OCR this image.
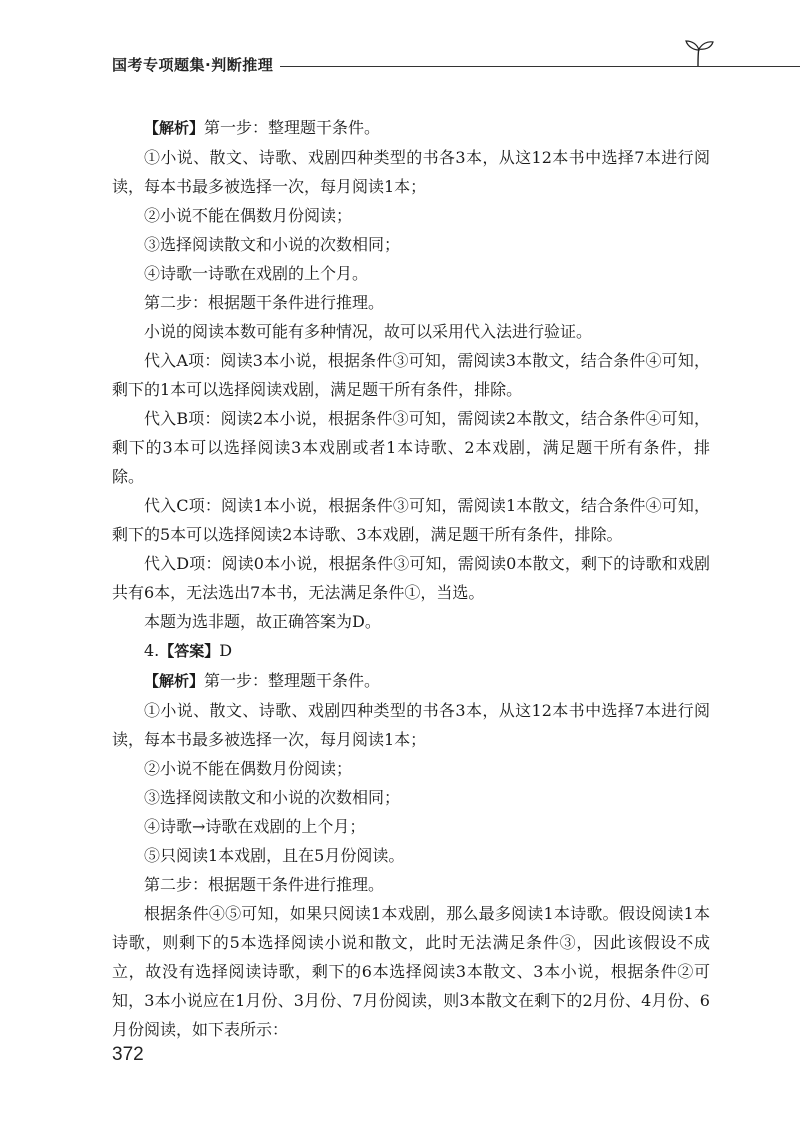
国考专项题集·判断推理

【解析】第一步：整理题干条件。

①小说、散文、诗歌、戏剧四种类型的书各3本，从这12本书中选择7本进行阅读，每本书最多被选择一次，每月阅读1本；

②小说不能在偶数月份阅读；

③选择阅读散文和小说的次数相同；

④诗歌一诗歌在戏剧的上个月。

第二步：根据题干条件进行推理。

小说的阅读本数可能有多种情况，故可以采用代入法进行验证。

代入A项：阅读3本小说，根据条件③可知，需阅读3本散文，结合条件④可知，剩下的1本可以选择阅读戏剧，满足题干所有条件，排除。

代入B项：阅读2本小说，根据条件③可知，需阅读2本散文，结合条件④可知，剩下的3本可以选择阅读3本戏剧或者1本诗歌、2本戏剧，满足题干所有条件，排除。

代入C项：阅读1本小说，根据条件③可知，需阅读1本散文，结合条件④可知，剩下的5本可以选择阅读2本诗歌、3本戏剧，满足题干所有条件，排除。

代入D项：阅读0本小说，根据条件③可知，需阅读0本散文，剩下的诗歌和戏剧共有6本，无法选出7本书，无法满足条件①，当选。

本题为选非题，故正确答案为D。

4.【答案】D

【解析】第一步：整理题干条件。

①小说、散文、诗歌、戏剧四种类型的书各3本，从这12本书中选择7本进行阅读，每本书最多被选择一次，每月阅读1本；

②小说不能在偶数月份阅读；

③选择阅读散文和小说的次数相同；

④诗歌→诗歌在戏剧的上个月；

⑤只阅读1本戏剧，且在5月份阅读。

第二步：根据题干条件进行推理。

根据条件④⑤可知，如果只阅读1本戏剧，那么最多阅读1本诗歌。假设阅读1本诗歌，则剩下的5本选择阅读小说和散文，此时无法满足条件③，因此该假设不成立，故没有选择阅读诗歌，剩下的6本选择阅读3本散文、3本小说，根据条件②可知，3本小说应在1月份、3月份、7月份阅读，则3本散文在剩下的2月份、4月份、6月份阅读，如下表所示：

372
